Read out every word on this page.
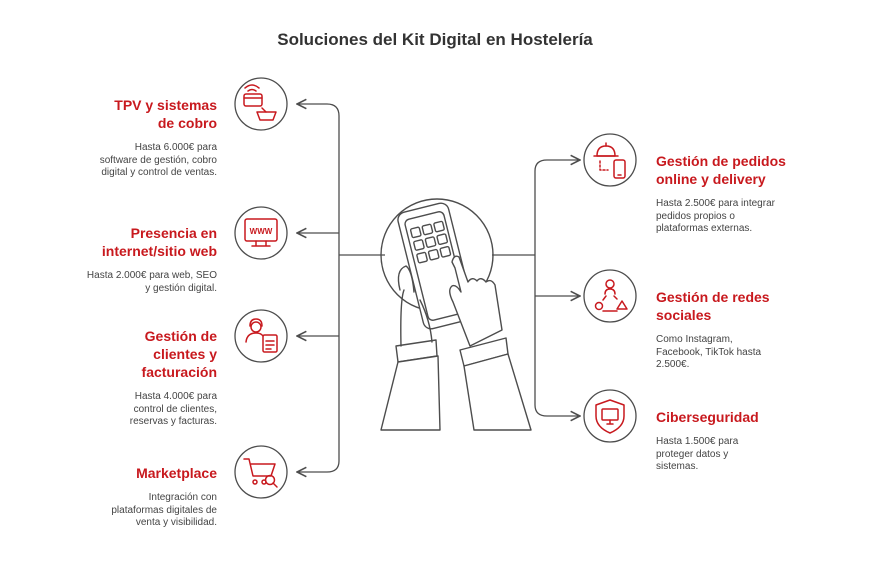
Soluciones del Kit Digital en Hostelería
WWW
TPV y sistemas de cobro
Hasta 6.000€ para software de gestión, cobro digital y control de ventas.
Presencia en internet/sitio web
Hasta 2.000€ para web, SEO y gestión digital.
Gestión de clientes y facturación
Hasta 4.000€ para control de clientes, reservas y facturas.
Marketplace
Integración con plataformas digitales de venta y visibilidad.
Gestión de pedidos online y delivery
Hasta 2.500€ para integrar pedidos propios o plataformas externas.
Gestión de redes sociales
Como Instagram, Facebook, TikTok hasta 2.500€.
Ciberseguridad
Hasta 1.500€ para proteger datos y sistemas.
